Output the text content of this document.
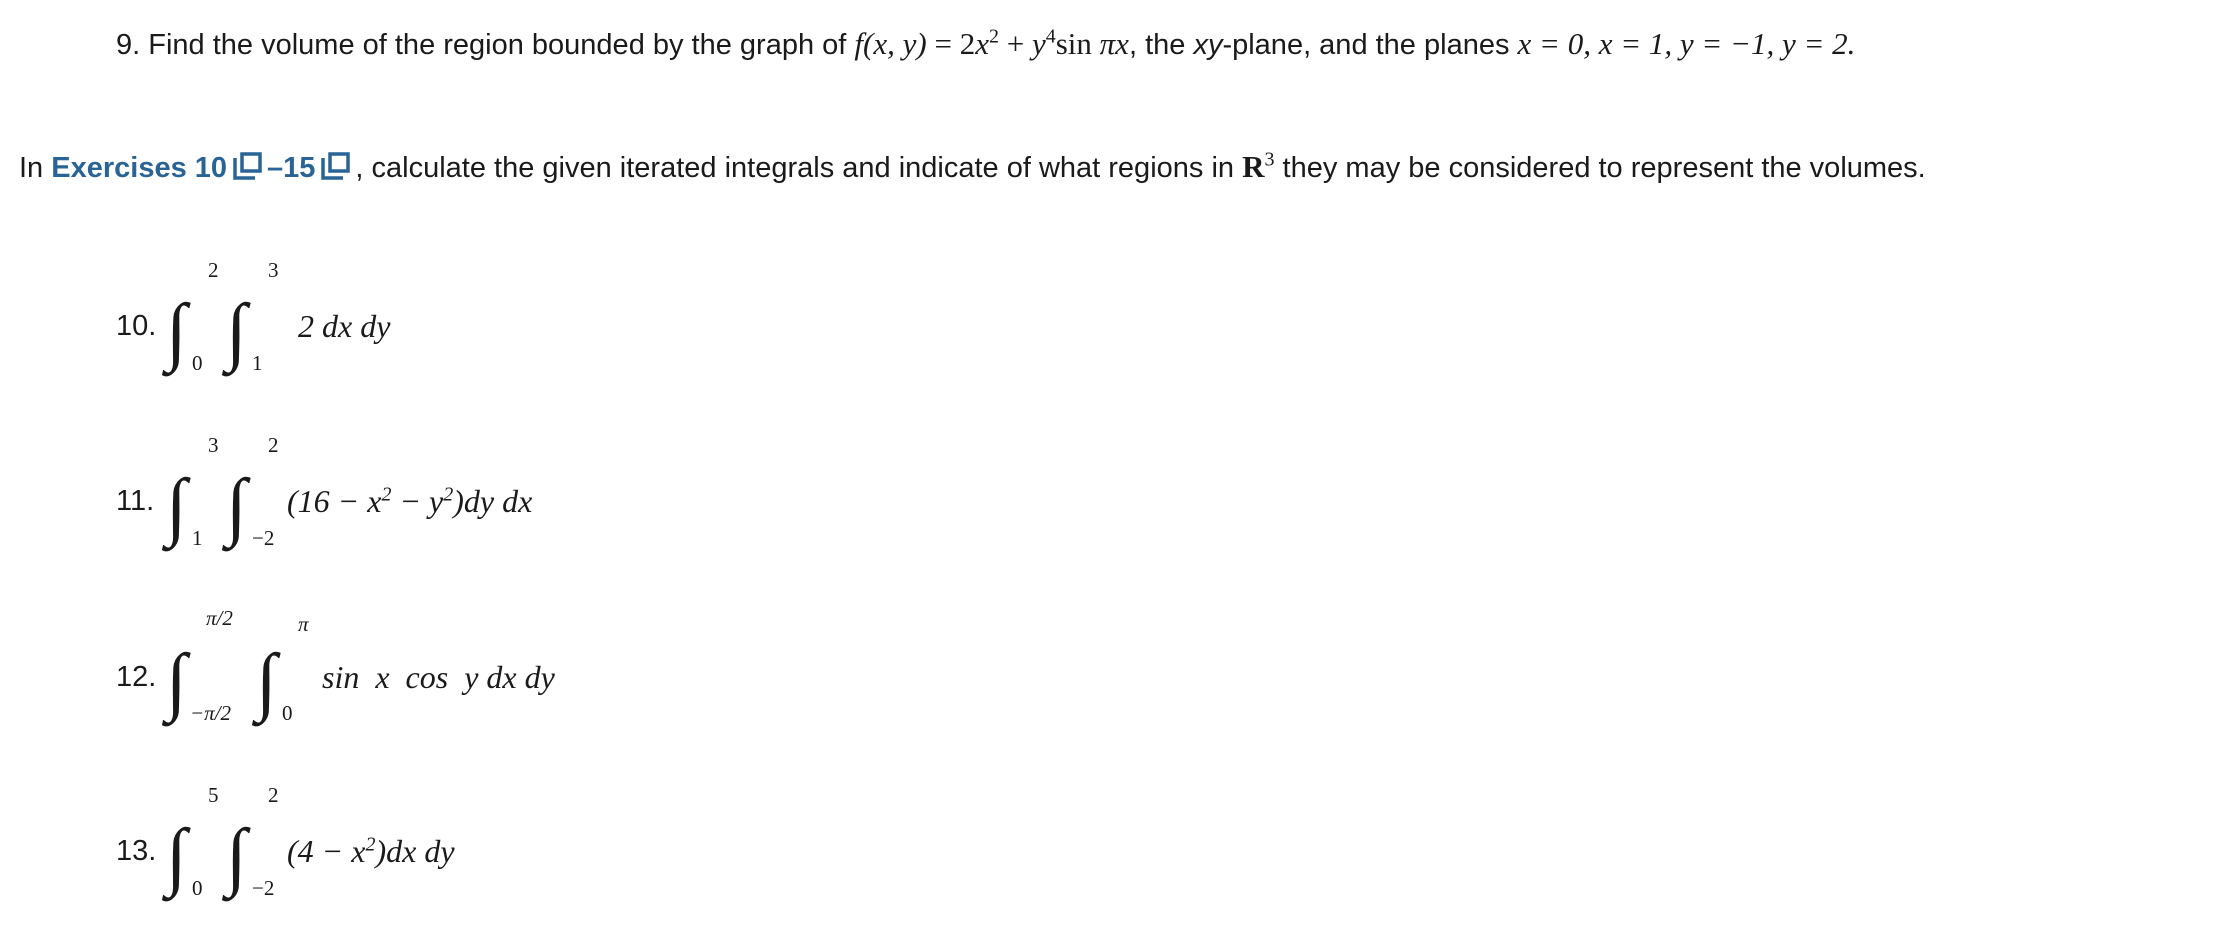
9. Find the volume of the region bounded by the graph of f(x, $y) = 2x^2 + y^4\sin$ πx, the xy-plane, and the planes x = 0, x = 1, y = −1, y = 2.
In Exercises 10 –15 , calculate the given iterated integrals and indicate of what regions in $R^3$ they may be considered to represent the volumes.
10. ∫
2
0 ∫
3
1
2 dx dy
11. ∫
3
1 ∫
2
−2
$(16 - x^2 - y^2)dy$ dx
12. ∫
π/2
−π/2 ∫
π
0
sin  x  cos  y dx dy
13. ∫
5
0 ∫
2
−2
$(4 - x^2)dx$ dy
